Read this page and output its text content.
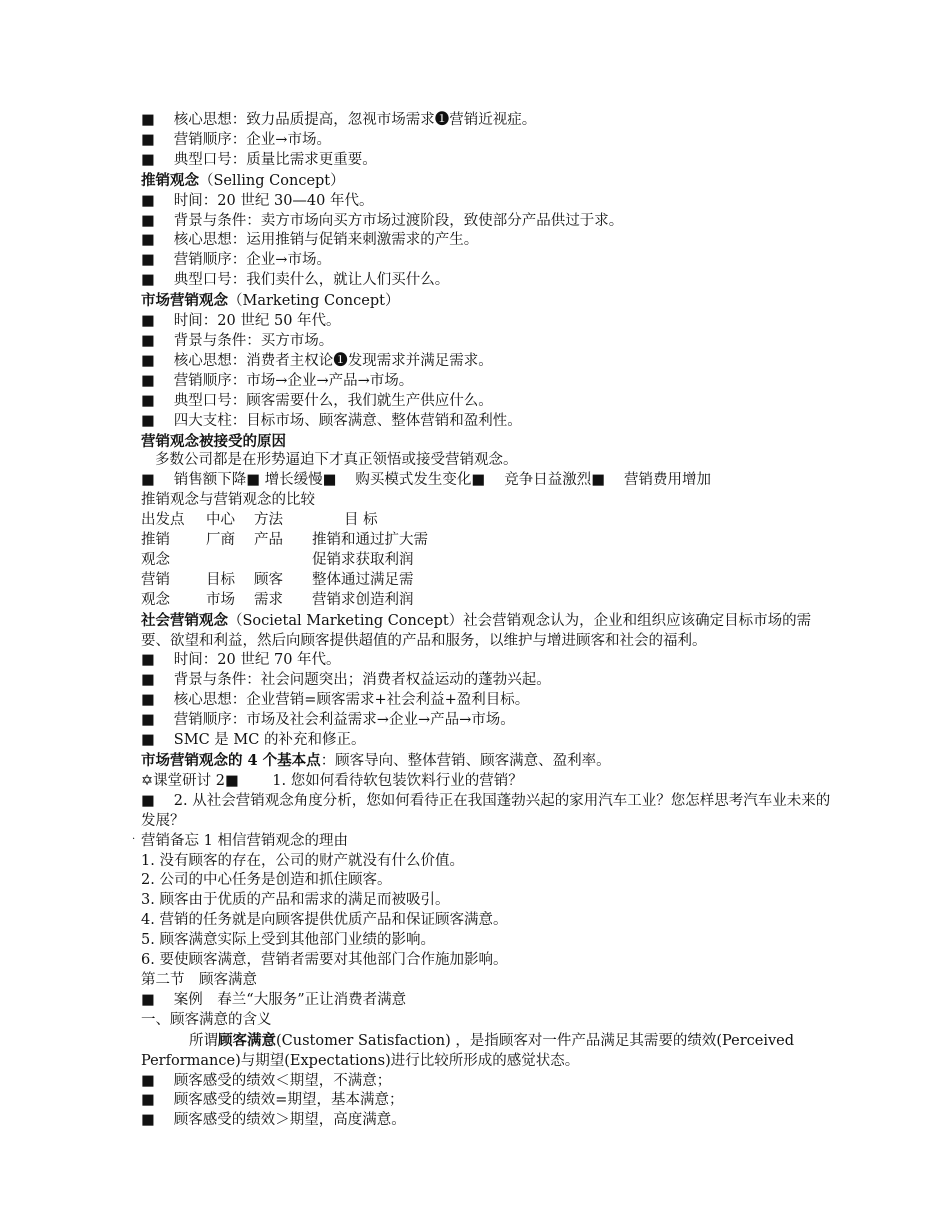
■　 核心思想：致力品质提高，忽视市场需求➊营销近视症。
■　 营销顺序：企业→市场。
■　 典型口号：质量比需求更重要。
推销观念（Selling Concept）
■　 时间：20 世纪 30—40 年代。
■　 背景与条件：卖方市场向买方市场过渡阶段，致使部分产品供过于求。
■　 核心思想：运用推销与促销来刺激需求的产生。
■　 营销顺序：企业→市场。
■　 典型口号：我们卖什么，就让人们买什么。
市场营销观念（Marketing Concept）
■　 时间：20 世纪 50 年代。
■　 背景与条件：买方市场。
■　 核心思想：消费者主权论➊发现需求并满足需求。
■　 营销顺序：市场→企业→产品→市场。
■　 典型口号：顾客需要什么，我们就生产供应什么。
■　 四大支柱：目标市场、顾客满意、整体营销和盈利性。
营销观念被接受的原因
多数公司都是在形势逼迫下才真正领悟或接受营销观念。
■　 销售额下降■ 增长缓慢■　 购买模式发生变化■　 竞争日益激烈■　 营销费用增加
推销观念与营销观念的比较
出发点 中心 方法	目 标
推销 厂商 产品 推销和通过扩大需
观念	促销求获取利润
营销 目标 顾客 整体通过满足需
观念 市场 需求 营销求创造利润
社会营销观念（Societal Marketing Concept）社会营销观念认为，企业和组织应该确定目标市场的需要、欲望和利益，然后向顾客提供超值的产品和服务，以维护与增进顾客和社会的福利。
■　 时间：20 世纪 70 年代。
■　 背景与条件：社会问题突出；消费者权益运动的蓬勃兴起。
■　 核心思想：企业营销=顾客需求+社会利益+盈利目标。
■　 营销顺序：市场及社会利益需求→企业→产品→市场。
■　 SMC 是 MC 的补充和修正。
市场营销观念的 4 个基本点：顾客导向、整体营销、顾客满意、盈利率。
✡课堂研讨 2■　　 1. 您如何看待软包装饮料行业的营销？
■　 2. 从社会营销观念角度分析，您如何看待正在我国蓬勃兴起的家用汽车工业？您怎样思考汽车业未来的发展？
营销备忘 1 相信营销观念的理由
1. 没有顾客的存在，公司的财产就没有什么价值。
2. 公司的中心任务是创造和抓住顾客。
3. 顾客由于优质的产品和需求的满足而被吸引。
4. 营销的任务就是向顾客提供优质产品和保证顾客满意。
5. 顾客满意实际上受到其他部门业绩的影响。
6. 要使顾客满意，营销者需要对其他部门合作施加影响。
第二节　顾客满意
■　 案例　春兰“大服务”正让消费者满意
一、顾客满意的含义
所谓顾客满意(Customer Satisfaction) ，是指顾客对一件产品满足其需要的绩效(Perceived Performance)与期望(Expectations)进行比较所形成的感觉状态。
■　 顾客感受的绩效＜期望，不满意；
■　 顾客感受的绩效=期望，基本满意；
■　 顾客感受的绩效＞期望，高度满意。
.
